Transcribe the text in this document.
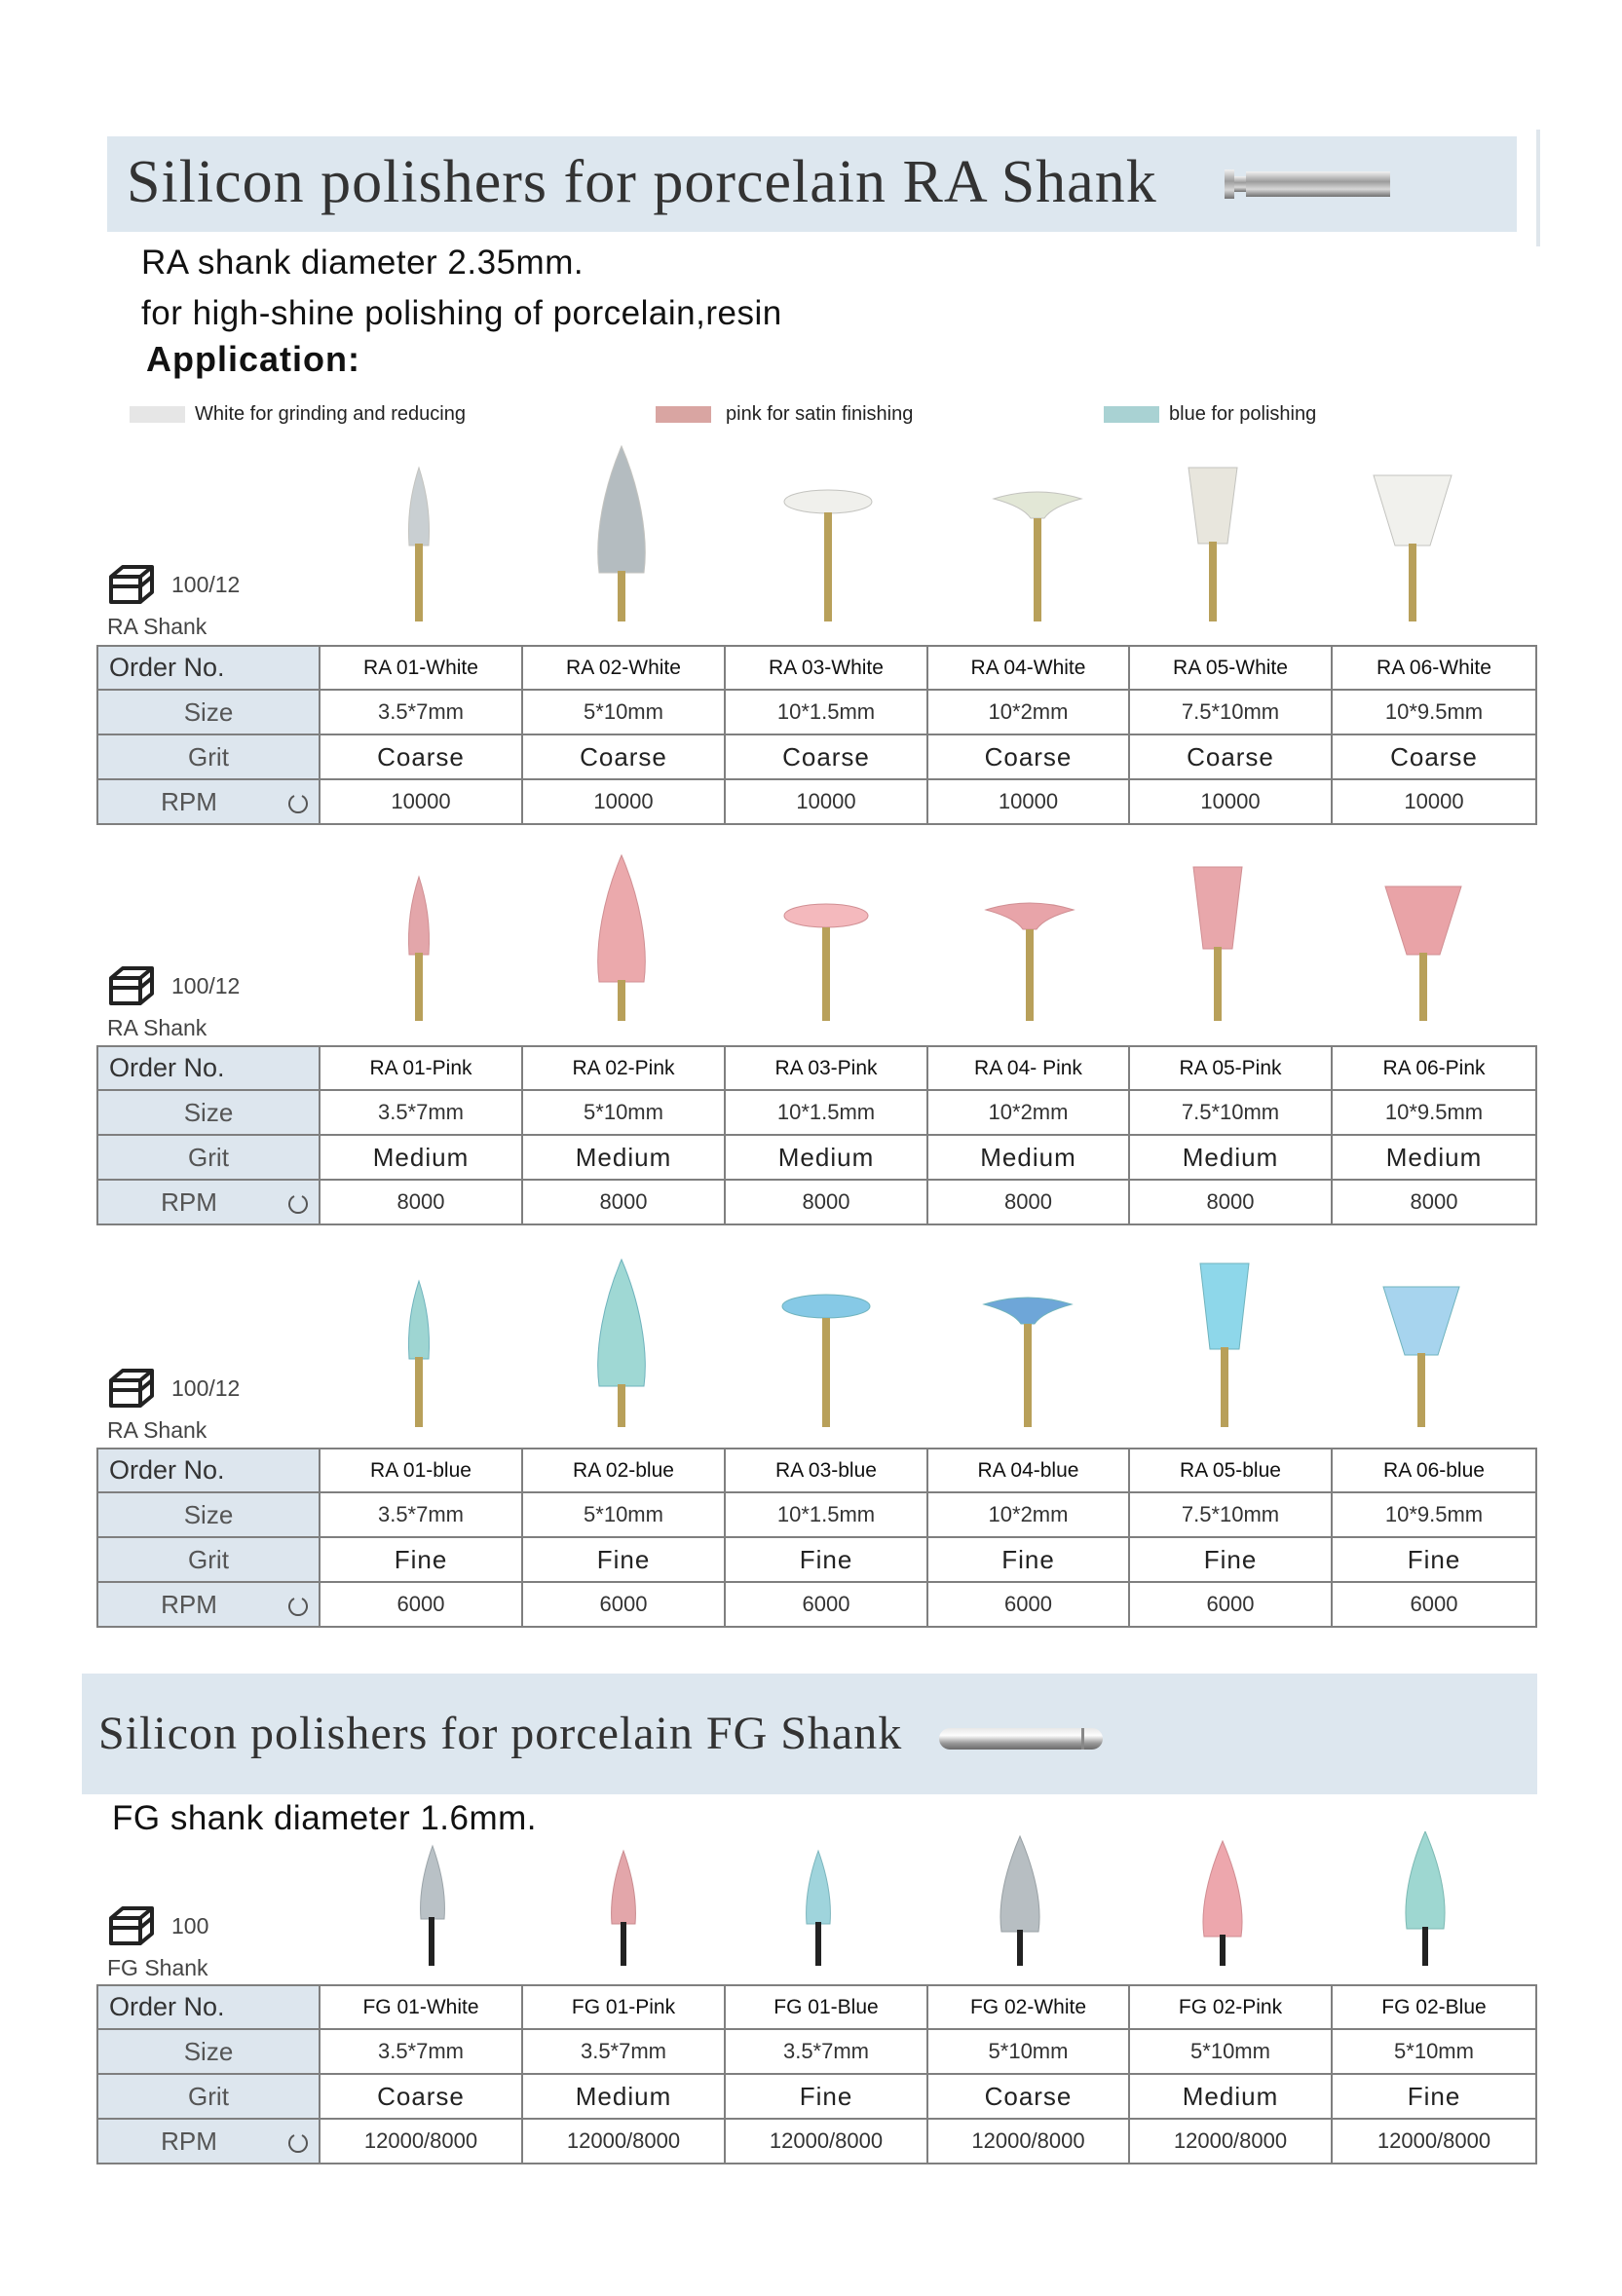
Silicon polishers for porcelain RA Shank
RA shank diameter 2.35mm.
for high-shine polishing of porcelain,resin
Application:
White for grinding and reducing	pink for satin finishing	blue for polishing
100/12
RA Shank
Order No.	RA 01-White	RA 02-White	RA 03-White	RA 04-White	RA 05-White	RA 06-White
Size	3.5*7mm	5*10mm	10*1.5mm	10*2mm	7.5*10mm	10*9.5mm
Grit	Coarse	Coarse	Coarse	Coarse	Coarse	Coarse
RPM	10000	10000	10000	10000	10000	10000
100/12
RA Shank
Order No.	RA 01-Pink	RA 02-Pink	RA 03-Pink	RA 04- Pink	RA 05-Pink	RA 06-Pink
Size	3.5*7mm	5*10mm	10*1.5mm	10*2mm	7.5*10mm	10*9.5mm
Grit	Medium	Medium	Medium	Medium	Medium	Medium
RPM	8000	8000	8000	8000	8000	8000
100/12
RA Shank
Order No.	RA 01-blue	RA 02-blue	RA 03-blue	RA 04-blue	RA 05-blue	RA 06-blue
Size	3.5*7mm	5*10mm	10*1.5mm	10*2mm	7.5*10mm	10*9.5mm
Grit	Fine	Fine	Fine	Fine	Fine	Fine
RPM	6000	6000	6000	6000	6000	6000
Silicon polishers for porcelain FG Shank
FG shank diameter 1.6mm.
100
FG Shank
Order No.	FG 01-White	FG 01-Pink	FG 01-Blue	FG 02-White	FG 02-Pink	FG 02-Blue
Size	3.5*7mm	3.5*7mm	3.5*7mm	5*10mm	5*10mm	5*10mm
Grit	Coarse	Medium	Fine	Coarse	Medium	Fine
RPM	12000/8000	12000/8000	12000/8000	12000/8000	12000/8000	12000/8000
